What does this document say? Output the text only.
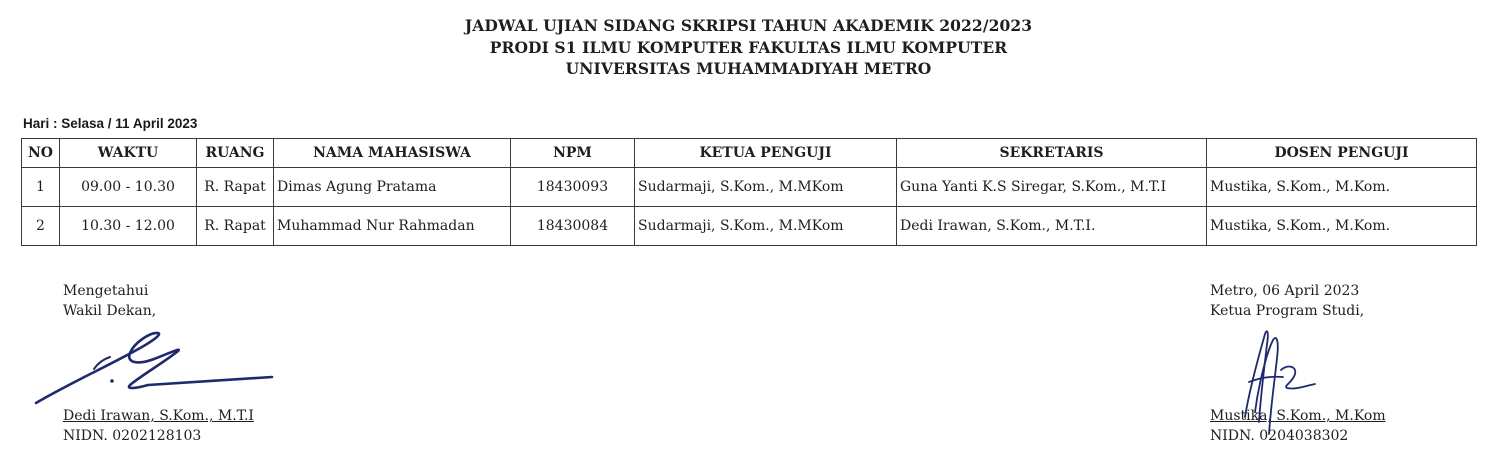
JADWAL UJIAN SIDANG SKRIPSI TAHUN AKADEMIK 2022/2023
PRODI S1 ILMU KOMPUTER FAKULTAS ILMU KOMPUTER
UNIVERSITAS MUHAMMADIYAH METRO
Hari : Selasa / 11 April 2023
NO	WAKTU	RUANG	NAMA MAHASISWA	NPM	KETUA PENGUJI	SEKRETARIS	DOSEN PENGUJI
1	09.00 - 10.30	R. Rapat	Dimas Agung Pratama	18430093	Sudarmaji, S.Kom., M.MKom	Guna Yanti K.S Siregar, S.Kom., M.T.I	Mustika, S.Kom., M.Kom.
2	10.30 - 12.00	R. Rapat	Muhammad Nur Rahmadan	18430084	Sudarmaji, S.Kom., M.MKom	Dedi Irawan, S.Kom., M.T.I.	Mustika, S.Kom., M.Kom.
Mengetahui
Wakil Dekan,
Dedi Irawan, S.Kom., M.T.I
NIDN. 0202128103
Metro, 06 April 2023
Ketua Program Studi,
Mustika, S.Kom., M.Kom
NIDN. 0204038302
